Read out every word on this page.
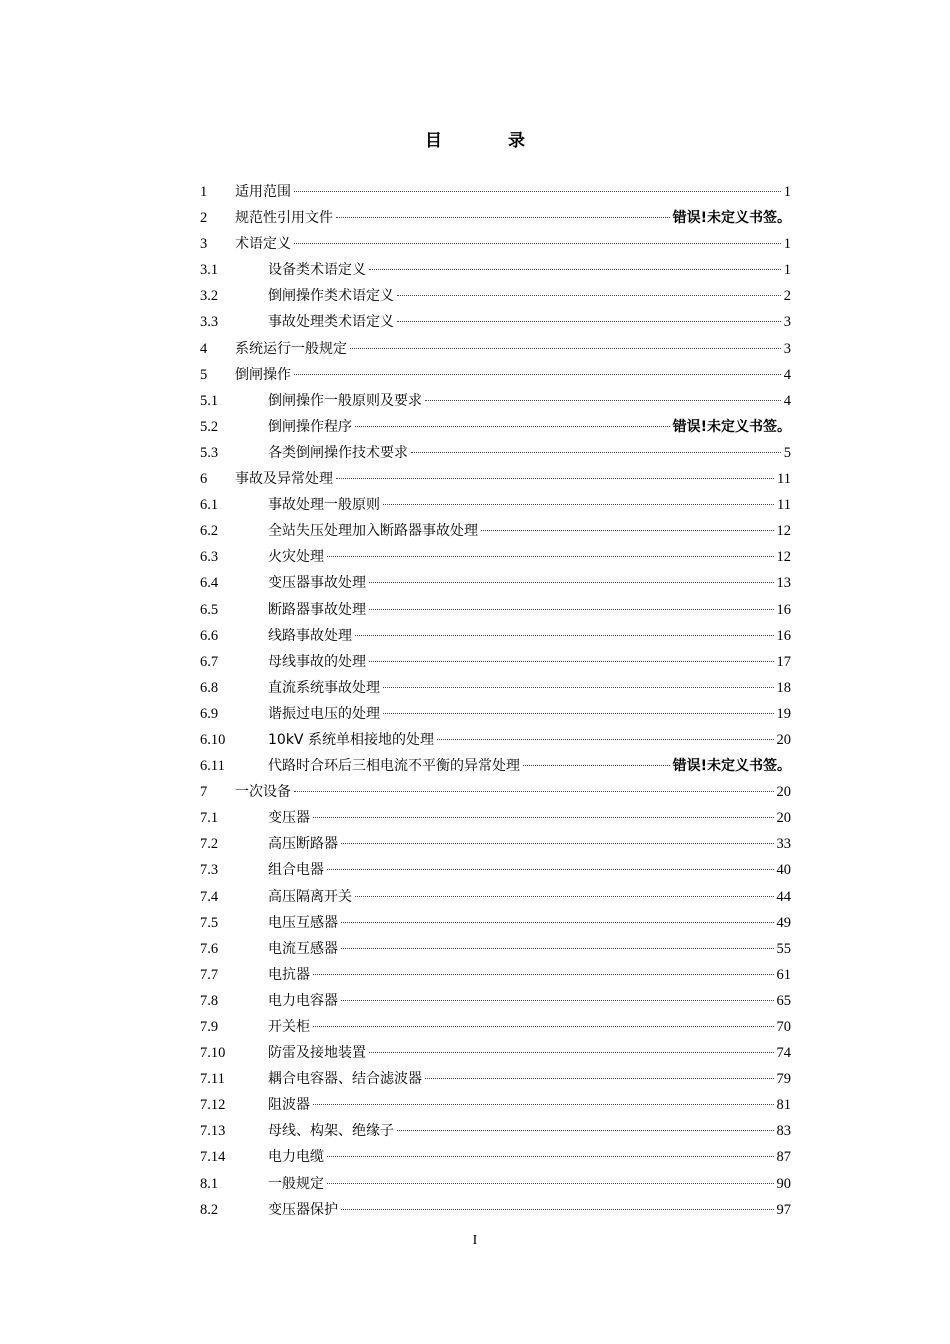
目 录
1 适用范围	1
2 规范性引用文件	错误!未定义书签。
3 术语定义	1
3.1	设备类术语定义	1
3.2	倒闸操作类术语定义	2
3.3	事故处理类术语定义	3
4 系统运行一般规定	3
5 倒闸操作	4
5.1	倒闸操作一般原则及要求	4
5.2	倒闸操作程序	错误!未定义书签。
5.3	各类倒闸操作技术要求	5
6 事故及异常处理	11
6.1	事故处理一般原则	11
6.2	全站失压处理加入断路器事故处理	12
6.3	火灾处理	12
6.4	变压器事故处理	13
6.5	断路器事故处理	16
6.6	线路事故处理	16
6.7	母线事故的处理	17
6.8	直流系统事故处理	18
6.9	谐振过电压的处理	19
6.10	10kV 系统单相接地的处理	20
6.11	代路时合环后三相电流不平衡的异常处理	错误!未定义书签。
7 一次设备	20
7.1	变压器	20
7.2	高压断路器	33
7.3	组合电器	40
7.4	高压隔离开关	44
7.5	电压互感器	49
7.6	电流互感器	55
7.7	电抗器	61
7.8	电力电容器	65
7.9	开关柜	70
7.10	防雷及接地装置	74
7.11	耦合电容器、结合滤波器	79
7.12	阻波器	81
7.13	母线、构架、绝缘子	83
7.14	电力电缆	87
8.1	一般规定	90
8.2	变压器保护	97
I
